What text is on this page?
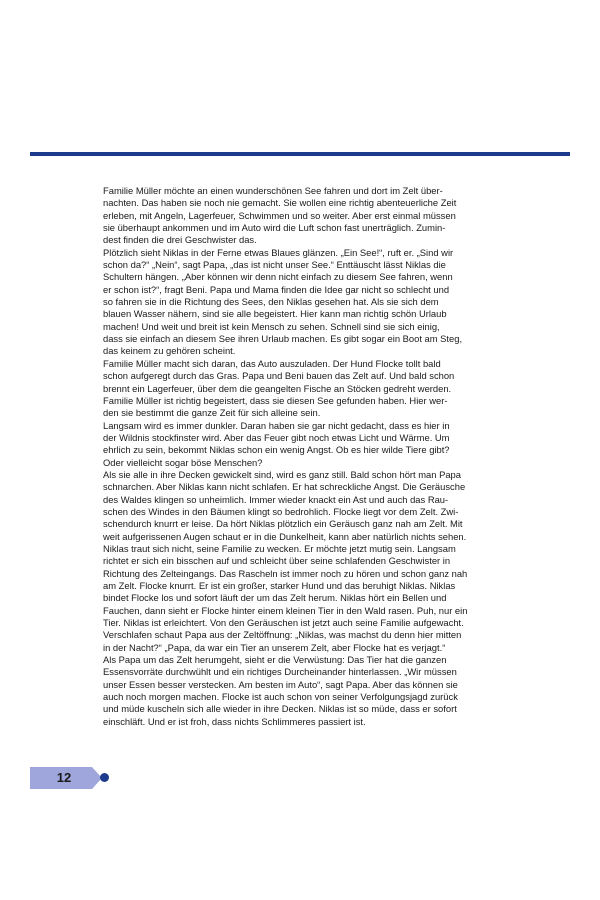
Familie Müller möchte an einen wunderschönen See fahren und dort im Zelt über-
nachten. Das haben sie noch nie gemacht. Sie wollen eine richtig abenteuerliche Zeit
erleben, mit Angeln, Lagerfeuer, Schwimmen und so weiter. Aber erst einmal müssen
sie überhaupt ankommen und im Auto wird die Luft schon fast unerträglich. Zumin-
dest finden die drei Geschwister das.
Plötzlich sieht Niklas in der Ferne etwas Blaues glänzen. „Ein See!“, ruft er. „Sind wir
schon da?“ „Nein“, sagt Papa, „das ist nicht unser See.“ Enttäuscht lässt Niklas die
Schultern hängen. „Aber können wir denn nicht einfach zu diesem See fahren, wenn
er schon ist?“, fragt Beni. Papa und Mama finden die Idee gar nicht so schlecht und
so fahren sie in die Richtung des Sees, den Niklas gesehen hat. Als sie sich dem
blauen Wasser nähern, sind sie alle begeistert. Hier kann man richtig schön Urlaub
machen! Und weit und breit ist kein Mensch zu sehen. Schnell sind sie sich einig,
dass sie einfach an diesem See ihren Urlaub machen. Es gibt sogar ein Boot am Steg,
das keinem zu gehören scheint.
Familie Müller macht sich daran, das Auto auszuladen. Der Hund Flocke tollt bald
schon aufgeregt durch das Gras. Papa und Beni bauen das Zelt auf. Und bald schon
brennt ein Lagerfeuer, über dem die geangelten Fische an Stöcken gedreht werden.
Familie Müller ist richtig begeistert, dass sie diesen See gefunden haben. Hier wer-
den sie bestimmt die ganze Zeit für sich alleine sein.
Langsam wird es immer dunkler. Daran haben sie gar nicht gedacht, dass es hier in
der Wildnis stockfinster wird. Aber das Feuer gibt noch etwas Licht und Wärme. Um
ehrlich zu sein, bekommt Niklas schon ein wenig Angst. Ob es hier wilde Tiere gibt?
Oder vielleicht sogar böse Menschen?
Als sie alle in ihre Decken gewickelt sind, wird es ganz still. Bald schon hört man Papa
schnarchen. Aber Niklas kann nicht schlafen. Er hat schreckliche Angst. Die Geräusche
des Waldes klingen so unheimlich. Immer wieder knackt ein Ast und auch das Rau-
schen des Windes in den Bäumen klingt so bedrohlich. Flocke liegt vor dem Zelt. Zwi-
schendurch knurrt er leise. Da hört Niklas plötzlich ein Geräusch ganz nah am Zelt. Mit
weit aufgerissenen Augen schaut er in die Dunkelheit, kann aber natürlich nichts sehen.
Niklas traut sich nicht, seine Familie zu wecken. Er möchte jetzt mutig sein. Langsam
richtet er sich ein bisschen auf und schleicht über seine schlafenden Geschwister in
Richtung des Zelteingangs. Das Rascheln ist immer noch zu hören und schon ganz nah
am Zelt. Flocke knurrt. Er ist ein großer, starker Hund und das beruhigt Niklas. Niklas
bindet Flocke los und sofort läuft der um das Zelt herum. Niklas hört ein Bellen und
Fauchen, dann sieht er Flocke hinter einem kleinen Tier in den Wald rasen. Puh, nur ein
Tier. Niklas ist erleichtert. Von den Geräuschen ist jetzt auch seine Familie aufgewacht.
Verschlafen schaut Papa aus der Zeltöffnung: „Niklas, was machst du denn hier mitten
in der Nacht?“ „Papa, da war ein Tier an unserem Zelt, aber Flocke hat es verjagt.“
Als Papa um das Zelt herumgeht, sieht er die Verwüstung: Das Tier hat die ganzen
Essensvorräte durchwühlt und ein richtiges Durcheinander hinterlassen. „Wir müssen
unser Essen besser verstecken. Am besten im Auto“, sagt Papa. Aber das können sie
auch noch morgen machen. Flocke ist auch schon von seiner Verfolgungsjagd zurück
und müde kuscheln sich alle wieder in ihre Decken. Niklas ist so müde, dass er sofort
einschläft. Und er ist froh, dass nichts Schlimmeres passiert ist.
12
